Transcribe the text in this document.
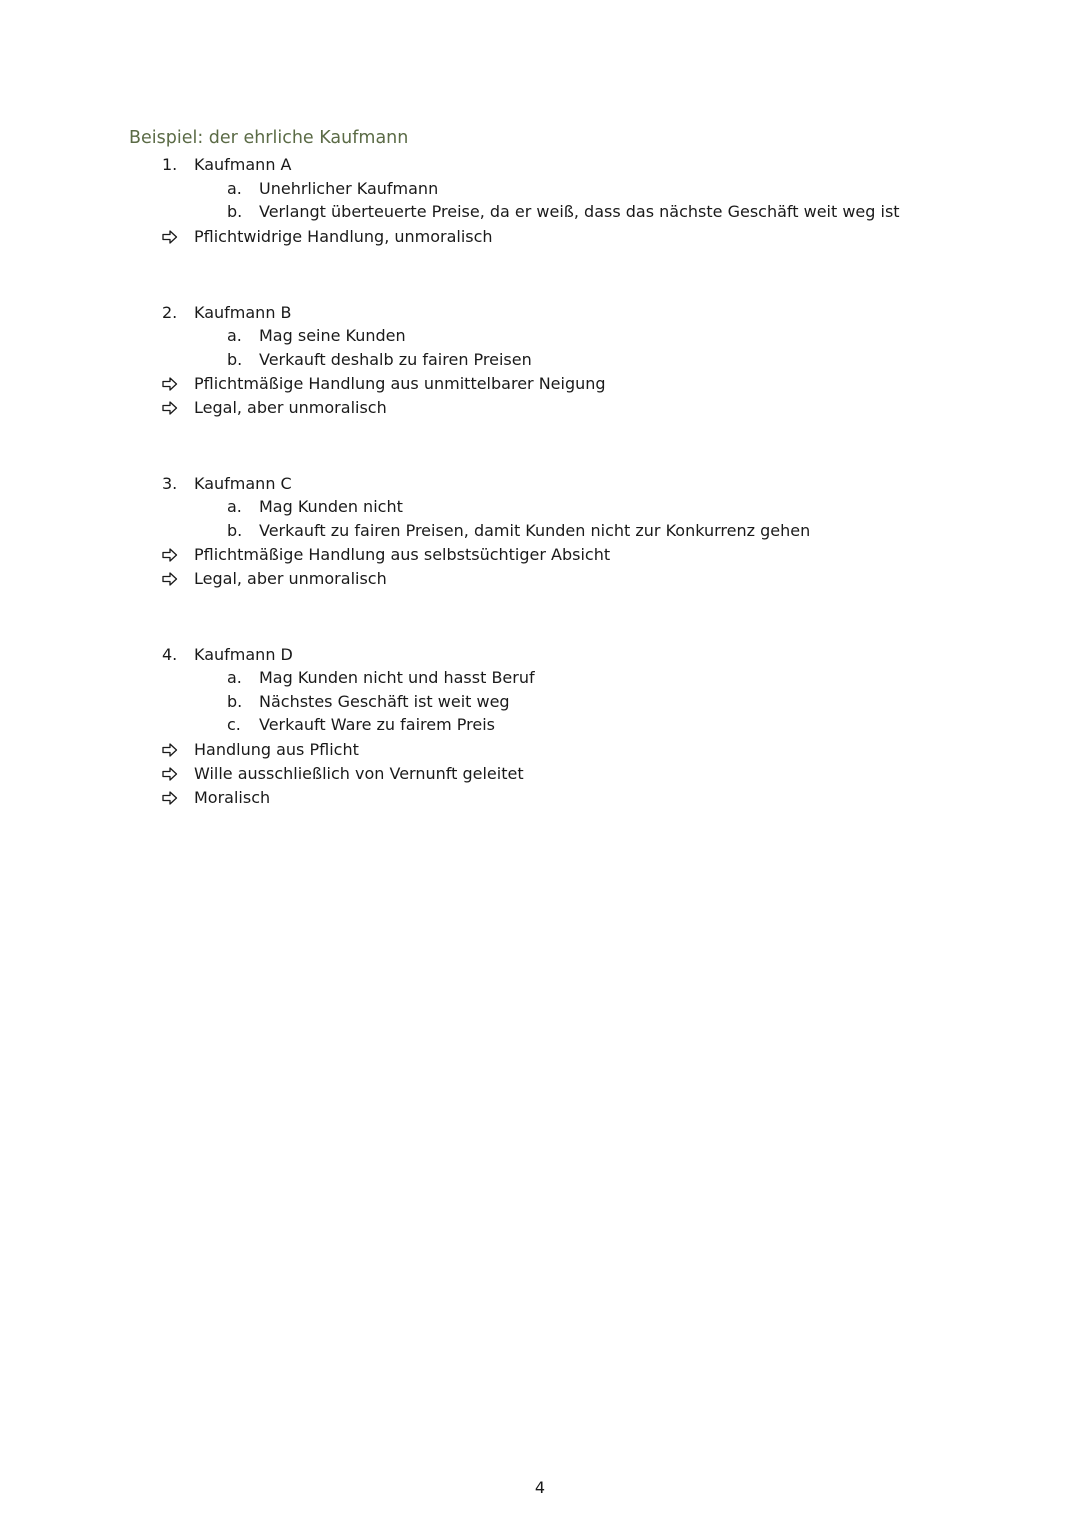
Beispiel: der ehrliche Kaufmann
1.	Kaufmann A
a.	Unehrlicher Kaufmann
b.	Verlangt überteuerte Preise, da er weiß, dass das nächste Geschäft weit weg ist
Pflichtwidrige Handlung, unmoralisch
2.	Kaufmann B
a.	Mag seine Kunden
b.	Verkauft deshalb zu fairen Preisen
Pflichtmäßige Handlung aus unmittelbarer Neigung
Legal, aber unmoralisch
3.	Kaufmann C
a.	Mag Kunden nicht
b.	Verkauft zu fairen Preisen, damit Kunden nicht zur Konkurrenz gehen
Pflichtmäßige Handlung aus selbstsüchtiger Absicht
Legal, aber unmoralisch
4.	Kaufmann D
a.	Mag Kunden nicht und hasst Beruf
b.	Nächstes Geschäft ist weit weg
c.	Verkauft Ware zu fairem Preis
Handlung aus Pflicht
Wille ausschließlich von Vernunft geleitet
Moralisch
4
